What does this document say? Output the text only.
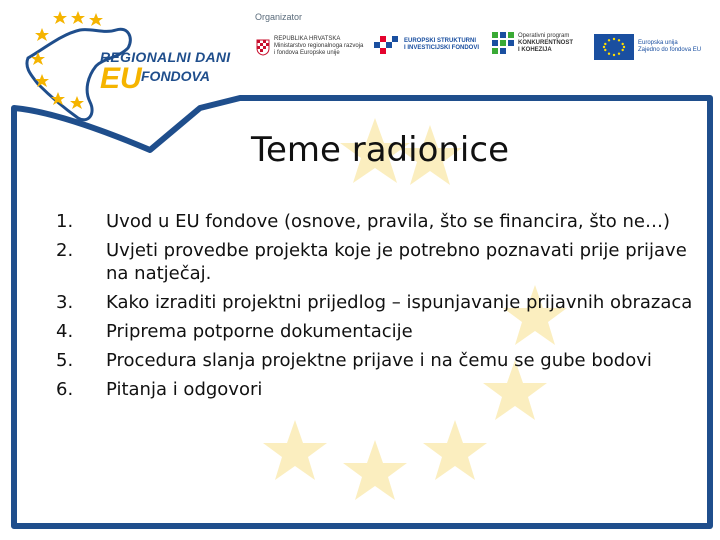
REGIONALNI DANI
EU FONDOVA
Organizator
REPUBLIKA HRVATSKA
Ministarstvo regionalnoga razvoja
i fondova Europske unije
EUROPSKI STRUKTURNI
I INVESTICIJSKI FONDOVI
Operativni program
KONKURENTNOST
I KOHEZIJA
Europska unija
Zajedno do fondova EU
Teme radionice
1.	Uvod u EU fondove (osnove, pravila, što se financira, što ne…)
2.	Uvjeti provedbe projekta koje je potrebno poznavati prije prijave na natječaj.
3.	Kako izraditi projektni prijedlog – ispunjavanje prijavnih obrazaca
4.	Priprema potporne dokumentacije
5.	Procedura slanja projektne prijave i na čemu se gube bodovi
6.	Pitanja i odgovori
